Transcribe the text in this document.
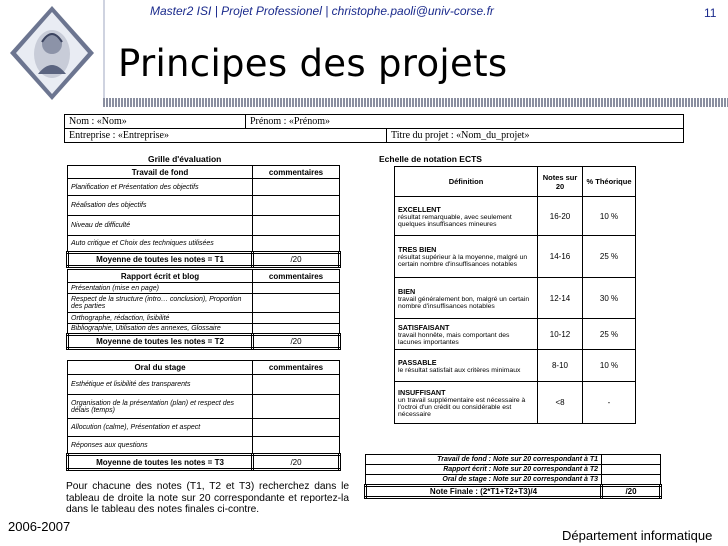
Master2 ISI | Projet Professionel | christophe.paoli@univ-corse.fr	11
Principes des projets
Nom : «Nom»	Prénom : «Prénom»	
Entreprise : «Entreprise»		Titre du projet : «Nom_du_projet»
Grille d'évaluation	Echelle de notation ECTS
Travail de fond	commentaires
Planification et Présentation des objectifs	
Réalisation des objectifs	
Niveau de difficulté	
Auto critique et Choix des techniques utilisées	
Moyenne de toutes les notes = T1	/20
Rapport écrit et blog	commentaires
Présentation (mise en page)	
Respect de la structure (intro… conclusion), Proportion des parties	
Orthographe, rédaction, lisibilité	
Bibliographie, Utilisation des annexes, Glossaire	
Moyenne de toutes les notes = T2	/20
Oral du stage	commentaires
Esthétique et lisibilité des transparents	
Organisation de la présentation (plan) et respect des délais (temps)	
Allocution (calme), Présentation et aspect	
Réponses aux questions	
Moyenne de toutes les notes = T3	/20
Définition	Notes sur 20	% Théorique

EXCELLENT
résultat remarquable, avec seulement quelques insuffisances mineures	16-20	10 %

TRES BIEN
résultat supérieur à la moyenne, malgré un certain nombre d'insuffisances notables	14-16	25 %

BIEN
travail généralement bon, malgré un certain nombre d'insuffisances notables	12-14	30 %

SATISFAISANT
travail honnête, mais comportant des lacunes importantes	10-12	25 %

PASSABLE
le résultat satisfait aux critères minimaux	8-10	10 %

INSUFFISANT
un travail supplémentaire est nécessaire à l'octroi d'un crédit ou considérable est nécessaire	<8	-
Travail de fond : Note sur 20 correspondant à T1	
Rapport écrit : Note sur 20 correspondant à T2	
Oral de stage : Note sur 20 correspondant à T3	
Note Finale : (2*T1+T2+T3)/4	/20
Pour chacune des notes (T1, T2 et T3) recherchez dans le tableau de droite la note sur 20 correspondante et reportez-la dans le tableau des notes finales ci-contre.
2006-2007
Département informatique
